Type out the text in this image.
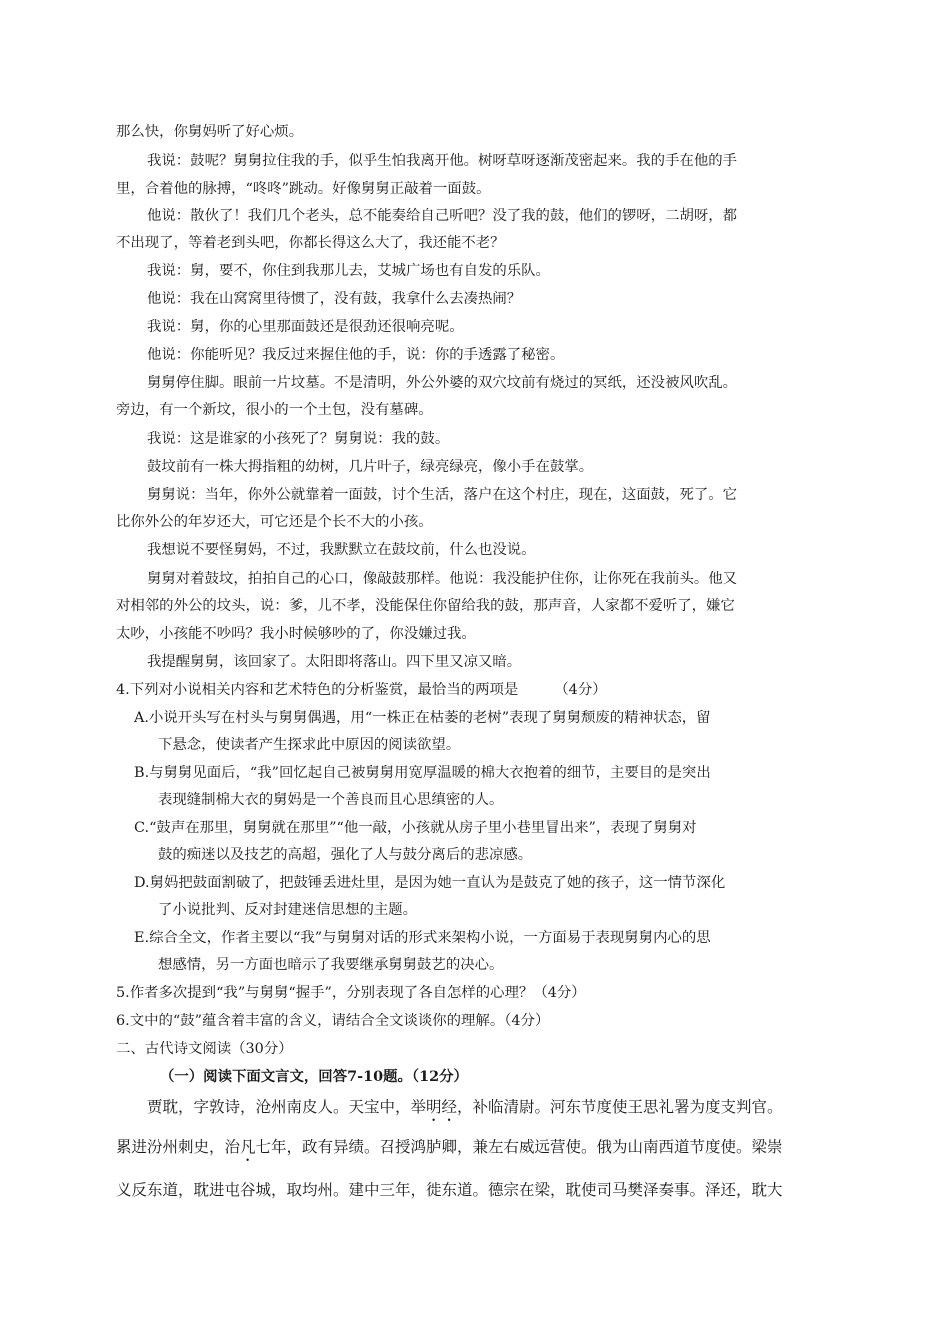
那么快，你舅妈听了好心烦。
我说：鼓呢？舅舅拉住我的手，似乎生怕我离开他。树呀草呀逐渐茂密起来。我的手在他的手
里，合着他的脉搏，“咚咚”跳动。好像舅舅正敲着一面鼓。
他说：散伙了！我们几个老头，总不能奏给自己听吧？没了我的鼓，他们的锣呀，二胡呀，都
不出现了，等着老到头吧，你都长得这么大了，我还能不老？
我说：舅，要不，你住到我那儿去，艾城广场也有自发的乐队。
他说：我在山窝窝里待惯了，没有鼓，我拿什么去凑热闹？
我说：舅，你的心里那面鼓还是很劲还很响亮呢。
他说：你能听见？我反过来握住他的手，说：你的手透露了秘密。
舅舅停住脚。眼前一片坟墓。不是清明，外公外婆的双穴坟前有烧过的冥纸，还没被风吹乱。
旁边，有一个新坟，很小的一个土包，没有墓碑。
我说：这是谁家的小孩死了？舅舅说：我的鼓。
鼓坟前有一株大拇指粗的幼树，几片叶子，绿亮绿亮，像小手在鼓掌。
舅舅说：当年，你外公就靠着一面鼓，讨个生活，落户在这个村庄，现在，这面鼓，死了。它
比你外公的年岁还大，可它还是个长不大的小孩。
我想说不要怪舅妈，不过，我默默立在鼓坟前，什么也没说。
舅舅对着鼓坟，拍拍自己的心口，像敲鼓那样。他说：我没能护住你，让你死在我前头。他又
对相邻的外公的坟头，说：爹，儿不孝，没能保住你留给我的鼓，那声音，人家都不爱听了，嫌它
太吵，小孩能不吵吗？我小时候够吵的了，你没嫌过我。
我提醒舅舅，该回家了。太阳即将落山。四下里又凉又暗。
4.下列对小说相关内容和艺术特色的分析鉴赏，最恰当的两项是	（4分）
A.小说开头写在村头与舅舅偶遇，用“一株正在枯萎的老树”表现了舅舅颓废的精神状态，留
下悬念，使读者产生探求此中原因的阅读欲望。
B.与舅舅见面后，“我”回忆起自己被舅舅用宽厚温暖的棉大衣抱着的细节，主要目的是突出
表现缝制棉大衣的舅妈是一个善良而且心思缜密的人。
C.“鼓声在那里，舅舅就在那里”“他一敲，小孩就从房子里小巷里冒出来”，表现了舅舅对
鼓的痴迷以及技艺的高超，强化了人与鼓分离后的悲凉感。
D.舅妈把鼓面割破了，把鼓锤丢进灶里，是因为她一直认为是鼓克了她的孩子，这一情节深化
了小说批判、反对封建迷信思想的主题。
E.综合全文，作者主要以“我”与舅舅对话的形式来架构小说，一方面易于表现舅舅内心的思
想感情，另一方面也暗示了我要继承舅舅鼓艺的决心。
5.作者多次提到“我”与舅舅“握手”，分别表现了各自怎样的心理？（4分）
6.文中的“鼓”蕴含着丰富的含义，请结合全文谈谈你的理解。（4分）
二、古代诗文阅读（30分）
（一）阅读下面文言文，回答7-10题。（12分）
贾耽，字敦诗，沧州南皮人。天宝中，举明经，补临清尉。河东节度使王思礼署为度支判官。
累进汾州刺史，治凡七年，政有异绩。召授鸿胪卿，兼左右威远营使。俄为山南西道节度使。梁崇
义反东道，耽进屯谷城，取均州。建中三年，徙东道。德宗在梁，耽使司马樊泽奏事。泽还，耽大
